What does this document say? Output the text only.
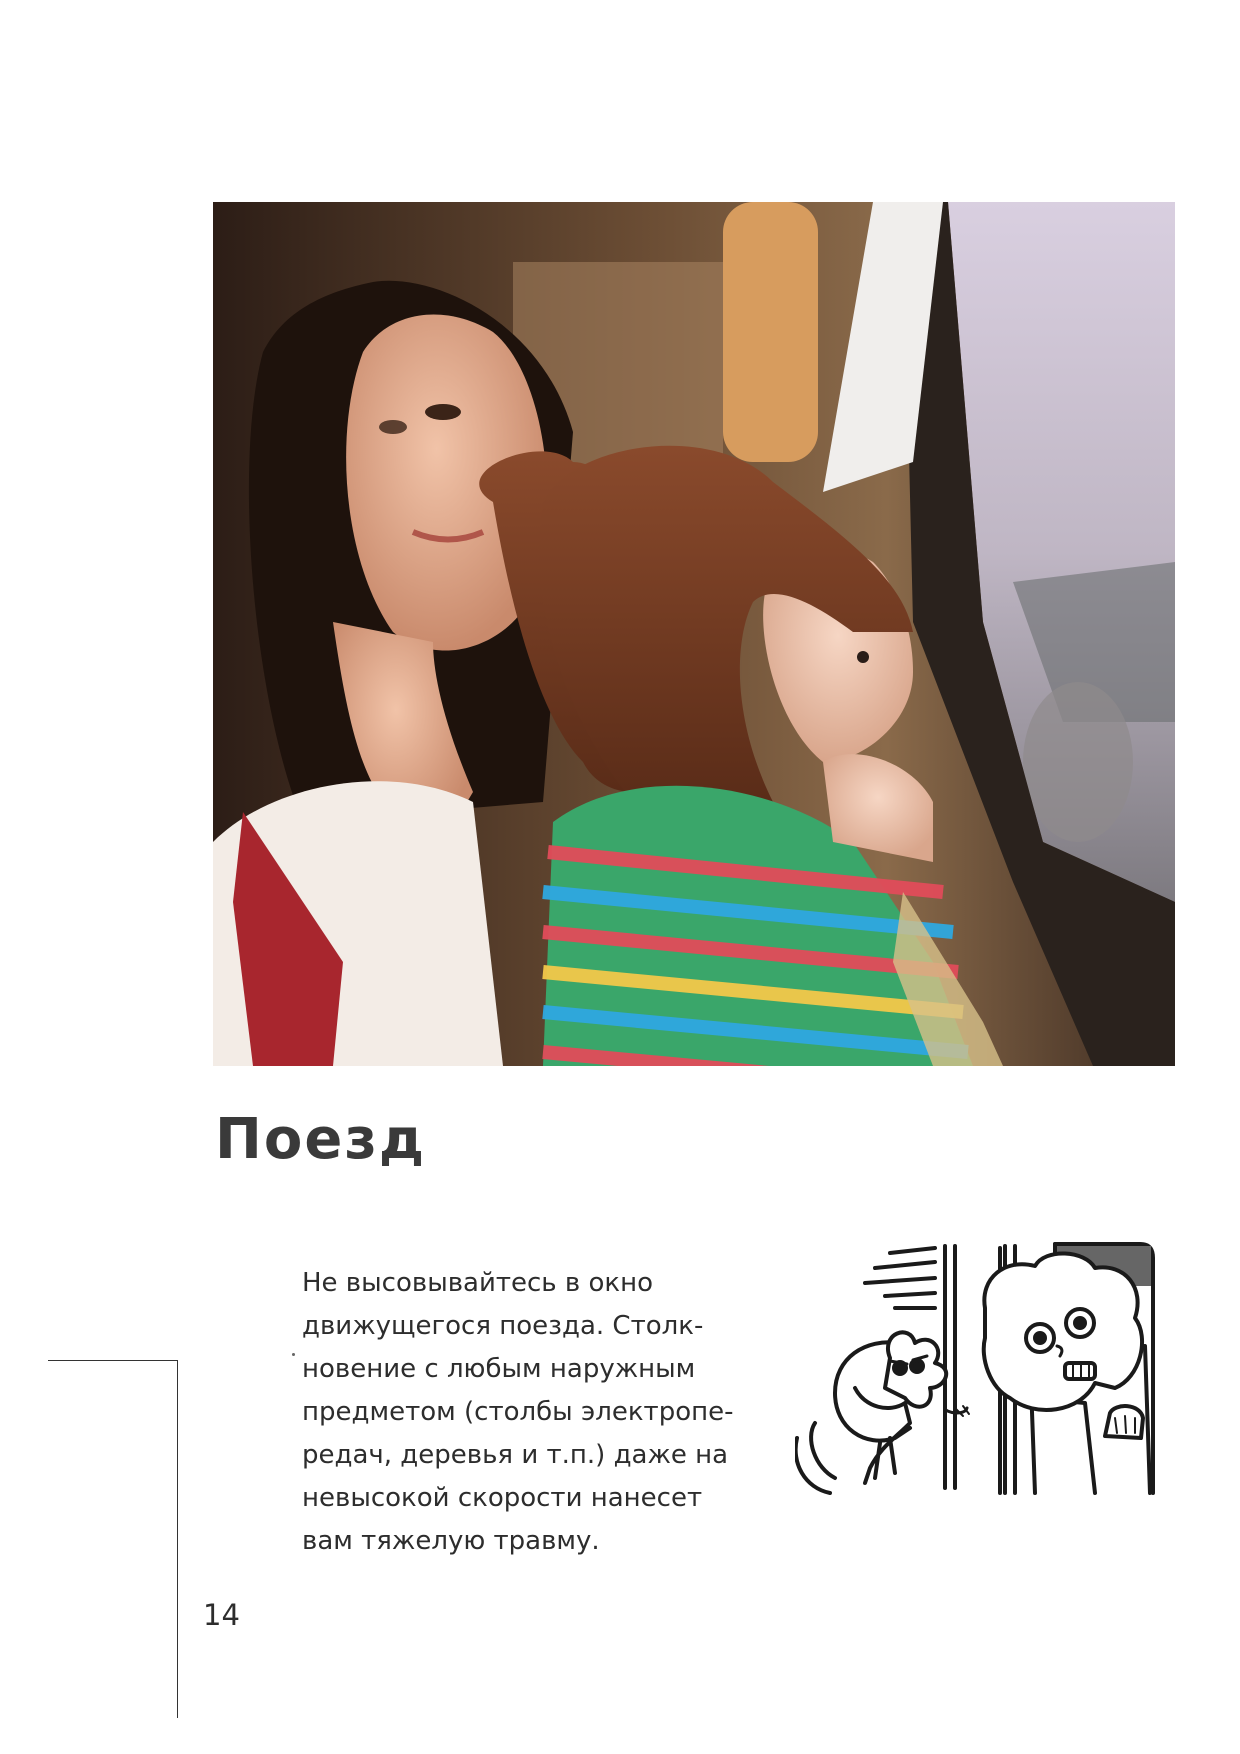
Поезд

Не высовывайтесь в окно
движущегося поезда. Столк-
новение с любым наружным
предметом (столбы электропе-
редач, деревья и т.п.) даже на
невысокой скорости нанесет
вам тяжелую травму.

14
